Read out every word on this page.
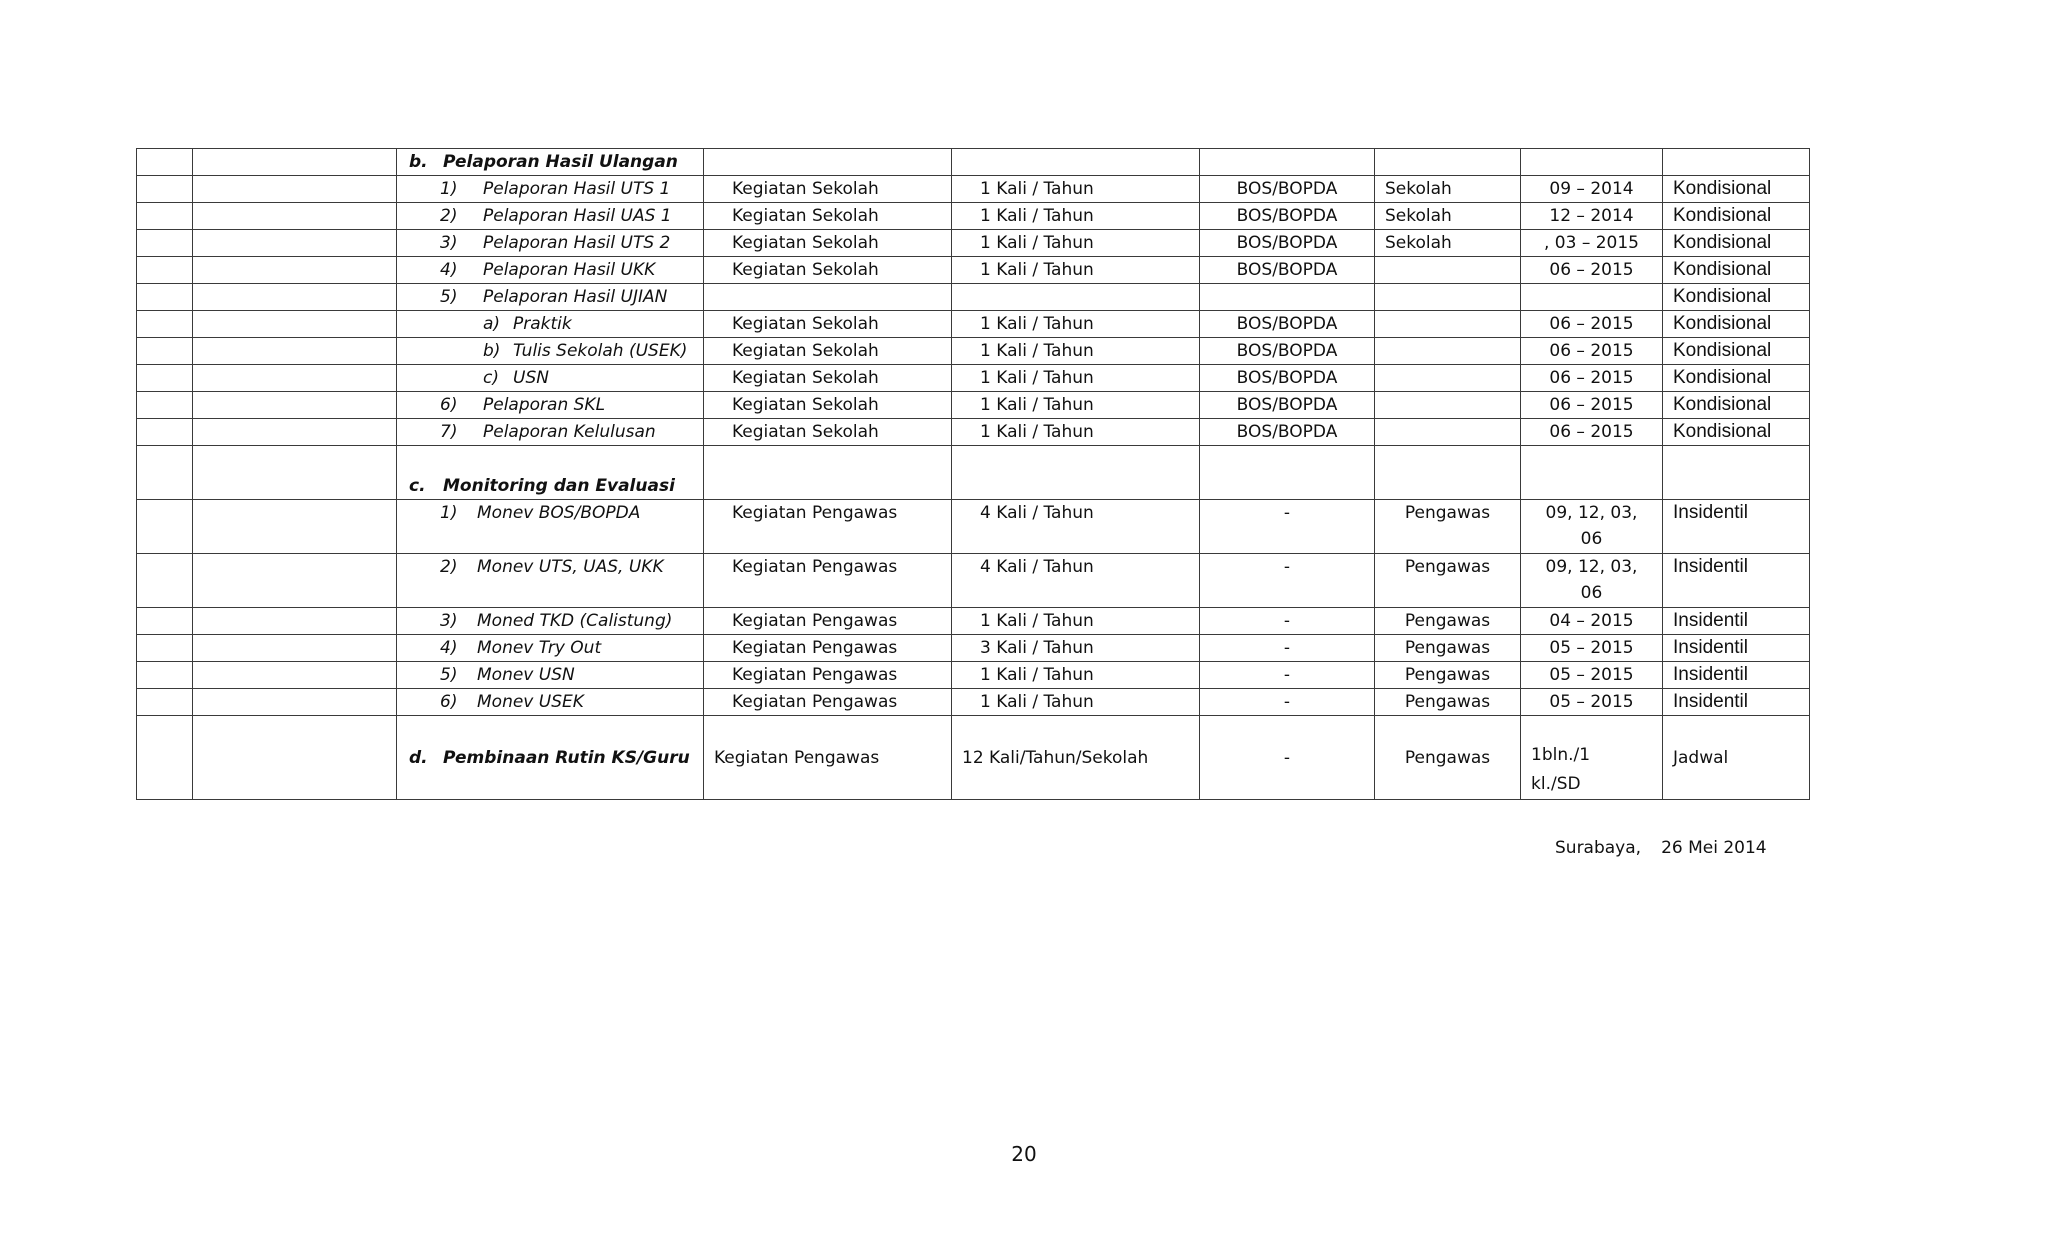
		b. Pelaporan Hasil Ulangan						

		1) Pelaporan Hasil UTS 1	Kegiatan Sekolah	1 Kali / Tahun	BOS/BOPDA	Sekolah	09 – 2014	Kondisional

		2) Pelaporan Hasil UAS 1	Kegiatan Sekolah	1 Kali / Tahun	BOS/BOPDA	Sekolah	12 – 2014	Kondisional

		3) Pelaporan Hasil UTS 2	Kegiatan Sekolah	1 Kali / Tahun	BOS/BOPDA	Sekolah	, 03 – 2015	Kondisional

		4) Pelaporan Hasil UKK	Kegiatan Sekolah	1 Kali / Tahun	BOS/BOPDA		06 – 2015	Kondisional

		5) Pelaporan Hasil UJIAN						Kondisional

		a) Praktik	Kegiatan Sekolah	1 Kali / Tahun	BOS/BOPDA		06 – 2015	Kondisional

		b) Tulis Sekolah (USEK)	Kegiatan Sekolah	1 Kali / Tahun	BOS/BOPDA		06 – 2015	Kondisional

		c) USN	Kegiatan Sekolah	1 Kali / Tahun	BOS/BOPDA		06 – 2015	Kondisional

		6) Pelaporan SKL	Kegiatan Sekolah	1 Kali / Tahun	BOS/BOPDA		06 – 2015	Kondisional

		7) Pelaporan Kelulusan	Kegiatan Sekolah	1 Kali / Tahun	BOS/BOPDA		06 – 2015	Kondisional

		c. Monitoring dan Evaluasi						

		1) Monev BOS/BOPDA	Kegiatan Pengawas	4 Kali / Tahun	-	Pengawas	09, 12, 03,
06	Insidentil

		2) Monev UTS, UAS, UKK	Kegiatan Pengawas	4 Kali / Tahun	-	Pengawas	09, 12, 03,
06	Insidentil

		3) Moned TKD (Calistung)	Kegiatan Pengawas	1 Kali / Tahun	-	Pengawas	04 – 2015	Insidentil

		4) Monev Try Out	Kegiatan Pengawas	3 Kali / Tahun	-	Pengawas	05 – 2015	Insidentil

		5) Monev USN	Kegiatan Pengawas	1 Kali / Tahun	-	Pengawas	05 – 2015	Insidentil

		6) Monev USEK	Kegiatan Pengawas	1 Kali / Tahun	-	Pengawas	05 – 2015	Insidentil

		d. Pembinaan Rutin KS/Guru	Kegiatan Pengawas	12 Kali/Tahun/Sekolah	-	Pengawas	1bln./1
kl./SD	Jadwal
Surabaya, 26 Mei 2014
20
